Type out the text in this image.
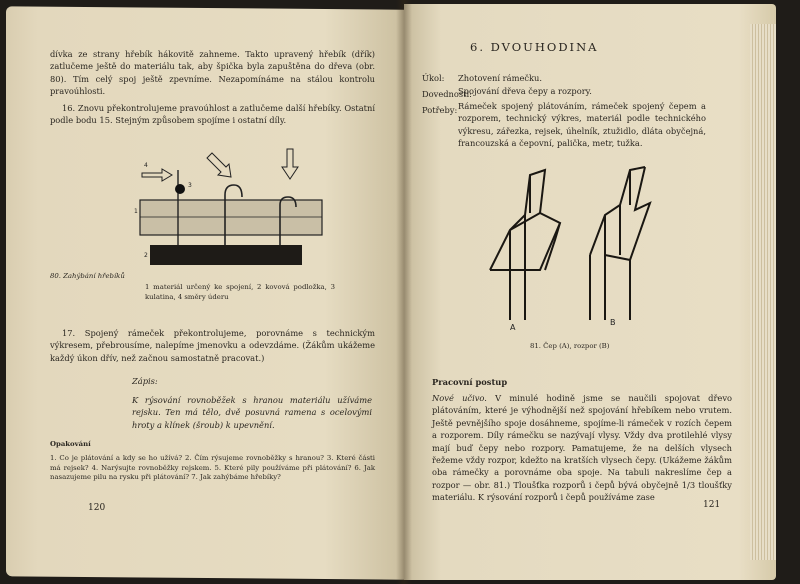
dívka ze strany hřebík hákovitě zahneme. Takto upravený hřebík (dřík) zatlučeme ještě do materiálu tak, aby špička byla zapuštěna do dřeva (obr. 80). Tím celý spoj ještě zpevníme. Nezapomínáme na stálou kontrolu pravoúhlosti.

16. Znovu překontrolujeme pravoúhlost a zatlučeme další hřebíky. Ostatní podle bodu 15. Stejným způsobem spojíme i ostatní díly.

4
3
1
2

80. Zahýbání hřebíků

1 materiál určený ke spojení, 2 kovová podložka, 3 kulatina, 4 směry úderu

17. Spojený rámeček překontrolujeme, porovnáme s technickým výkresem, přebrousíme, nalepíme jmenovku a odevzdáme. (Žákům ukážeme každý úkon dřív, než začnou samostatně pracovat.)

Zápis:

K rýsování rovnoběžek s hranou materiálu užíváme rejsku. Ten má tělo, dvě posuvná ramena s ocelovými hroty a klínek (šroub) k upevnění.

Opakování

1. Co je plátování a kdy se ho užívá? 2. Čím rýsujeme rovnoběžky s hranou? 3. Které části má rejsek? 4. Narýsujte rovnoběžky rejskem. 5. Které pily používáme při plátování? 6. Jak nasazujeme pilu na rysku při plátování? 7. Jak zahýbáme hřebíky?

120
6. DVOUHODINA
Úkol: Zhotovení rámečku.
Dovednosti:
Spojování dřeva čepy a rozpory.
Potřeby: Rámeček spojený plátováním, rámeček spojený čepem a rozporem, technický výkres, materiál podle technického výkresu, zářezka, rejsek, úhelník, ztužidlo, dláta obyčejná, francouzská a čepovní, palička, metr, tužka.

A
B

81. Čep (A), rozpor (B)

Pracovní postup

Nové učivo. V minulé hodině jsme se naučili spojovat dřevo plátováním, které je výhodnější než spojování hřebíkem nebo vrutem. Ještě pevnějšího spoje dosáhneme, spojíme-li rámeček v rozích čepem a rozporem. Díly rámečku se nazývají vlysy. Vždy dva protilehlé vlysy mají buď čepy nebo rozpory. Pamatujeme, že na delších vlysech řežeme vždy rozpor, kdežto na kratších vlysech čepy. (Ukážeme žákům oba rámečky a porovnáme oba spoje. Na tabuli nakreslíme čep a rozpor — obr. 81.) Tloušťka rozporů i čepů bývá obyčejně 1/3 tloušťky materiálu. K rýsování rozporů i čepů používáme zase

121
